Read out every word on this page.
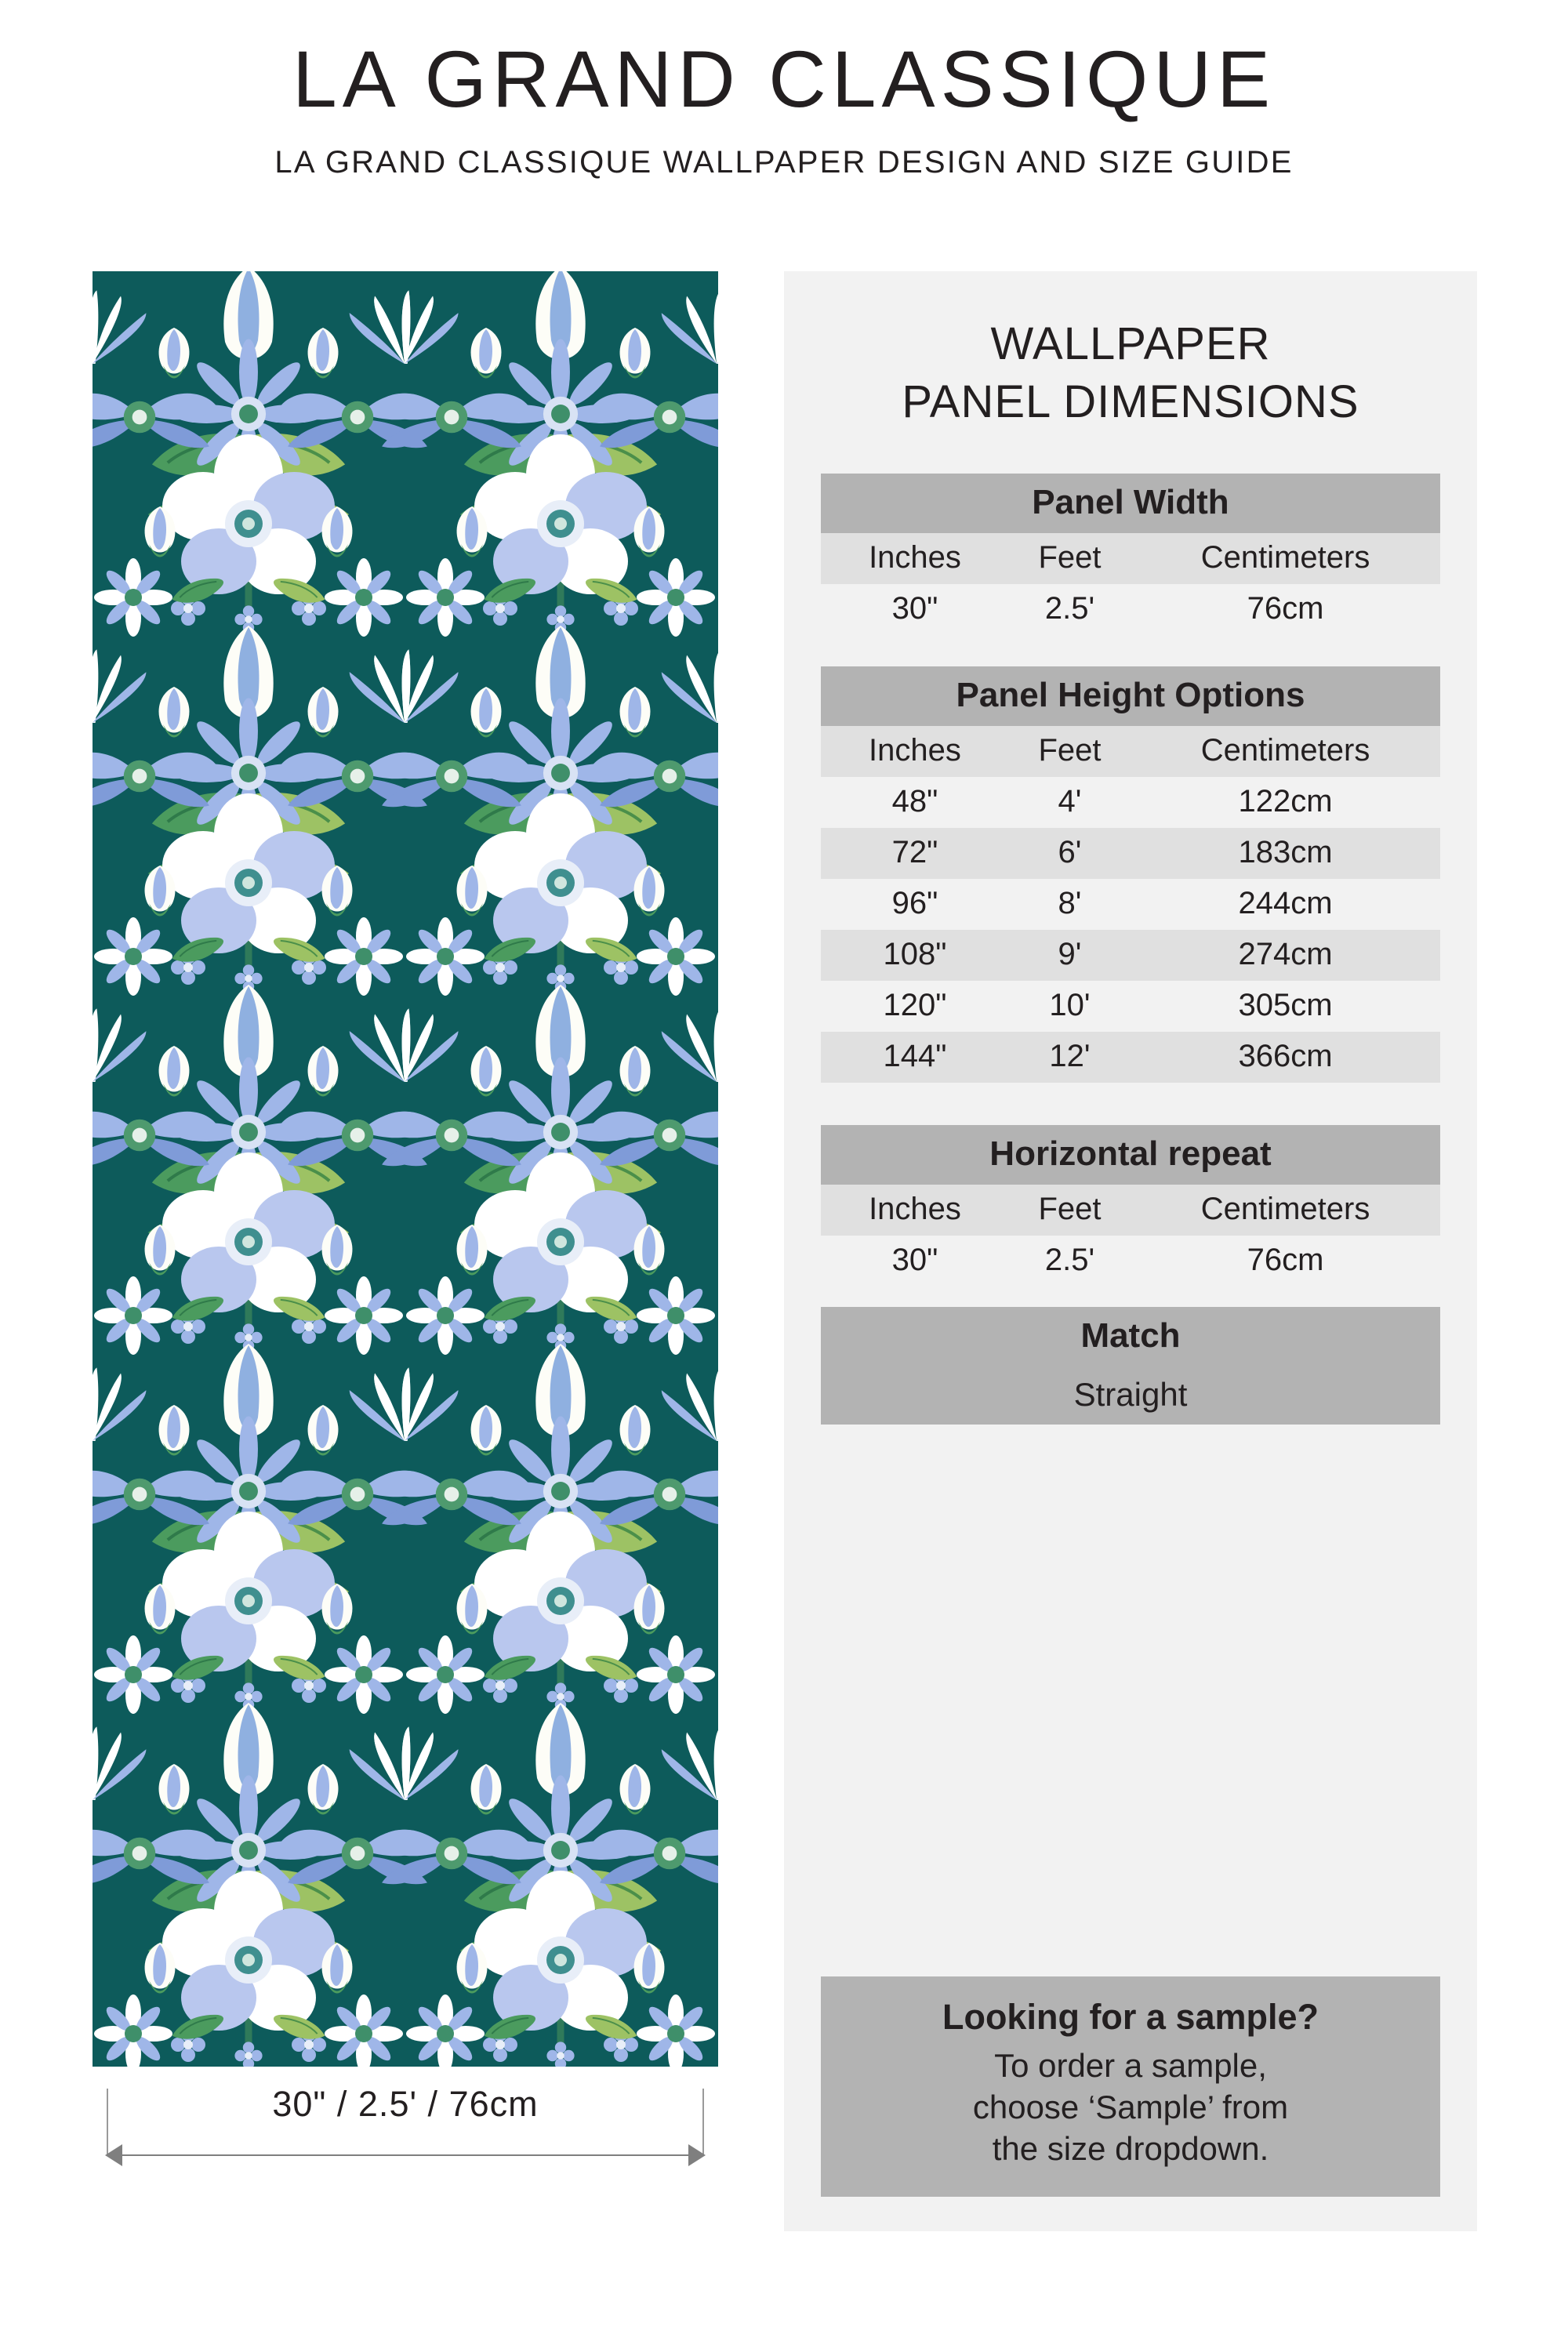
LA GRAND CLASSIQUE
LA GRAND CLASSIQUE WALLPAPER DESIGN AND SIZE GUIDE
30" / 2.5' / 76cm
WALLPAPER
PANEL DIMENSIONS
Panel Width		
Inches	Feet	Centimeters
30"	2.5'	76cm
Panel Height Options		
Inches	Feet	Centimeters
48"	4'	122cm
72"	6'	183cm
96"	8'	244cm
108"	9'	274cm
120"	10'	305cm
144"	12'	366cm
Horizontal repeat		
Inches	Feet	Centimeters
30"	2.5'	76cm
Match
Straight
Looking for a sample?
To order a sample,
choose ‘Sample’ from
the size dropdown.
